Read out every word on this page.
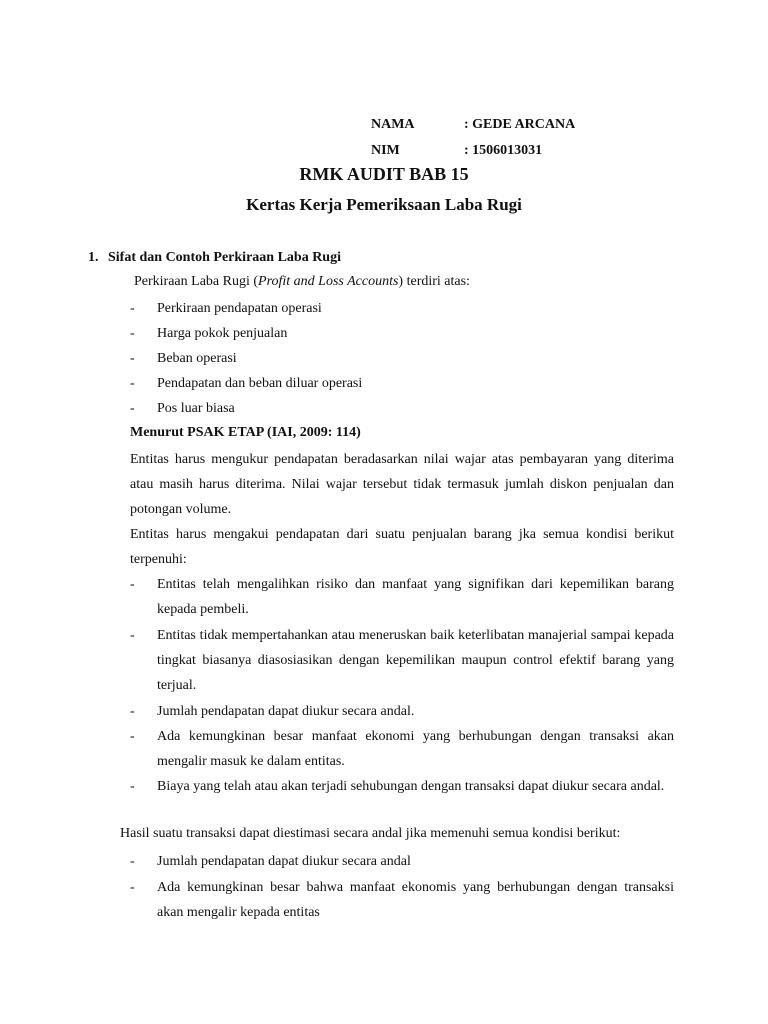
NAMA	: GEDE ARCANA
NIM	: 1506013031
RMK AUDIT BAB 15
Kertas Kerja Pemeriksaan Laba Rugi
1. Sifat dan Contoh Perkiraan Laba Rugi
Perkiraan Laba Rugi (Profit and Loss Accounts) terdiri atas:
- Perkiraan pendapatan operasi
- Harga pokok penjualan
- Beban operasi
- Pendapatan dan beban diluar operasi
- Pos luar biasa
Menurut PSAK ETAP (IAI, 2009: 114)
Entitas harus mengukur pendapatan beradasarkan nilai wajar atas pembayaran yang diterima atau masih harus diterima. Nilai wajar tersebut tidak termasuk jumlah diskon penjualan dan potongan volume.
Entitas harus mengakui pendapatan dari suatu penjualan barang jka semua kondisi berikut terpenuhi:
- Entitas telah mengalihkan risiko dan manfaat yang signifikan dari kepemilikan barang kepada pembeli.
- Entitas tidak mempertahankan atau meneruskan baik keterlibatan manajerial sampai kepada tingkat biasanya diasosiasikan dengan kepemilikan maupun control efektif barang yang terjual.
- Jumlah pendapatan dapat diukur secara andal.
- Ada kemungkinan besar manfaat ekonomi yang berhubungan dengan transaksi akan mengalir masuk ke dalam entitas.
- Biaya yang telah atau akan terjadi sehubungan dengan transaksi dapat diukur secara andal.
Hasil suatu transaksi dapat diestimasi secara andal jika memenuhi semua kondisi berikut:
- Jumlah pendapatan dapat diukur secara andal
- Ada kemungkinan besar bahwa manfaat ekonomis yang berhubungan dengan transaksi akan mengalir kepada entitas
